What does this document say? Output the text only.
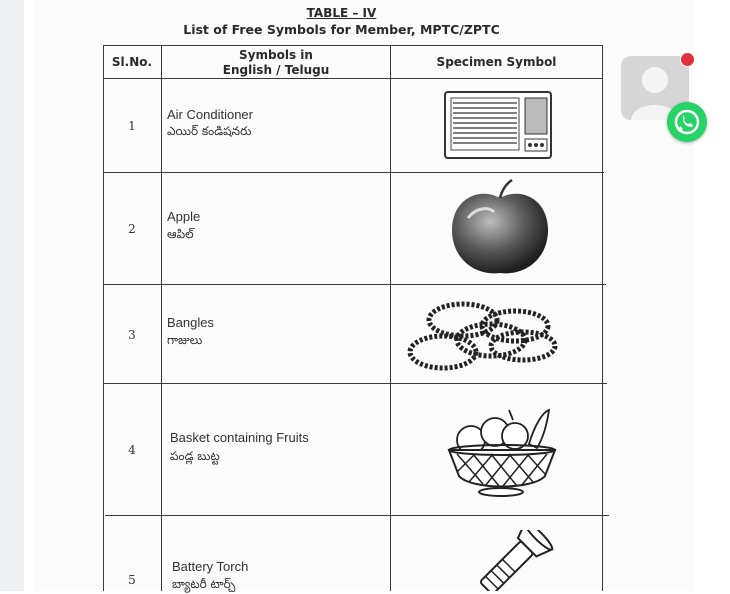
TABLE – IV
List of Free Symbols for Member, MPTC/ZPTC
Sl.No.	Symbols in
English / Telugu
Specimen Symbol
1
Air Conditioner
ఎయిర్ కండిషనరు
2
Apple
ఆపిల్
3
Bangles
గాజులు
4
Basket containing Fruits
పండ్ల బుట్ట
5
Battery Torch
బ్యాటరీ టార్చ్
